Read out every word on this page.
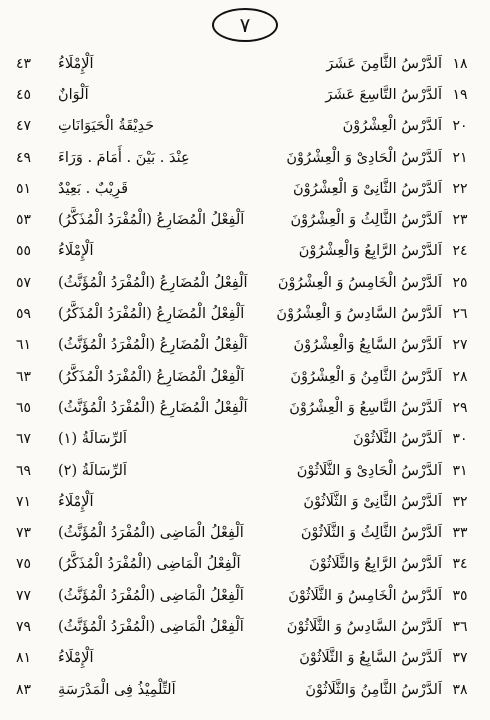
٧
١٨
اَلدَّرْسُ الثَّامِنَ عَشَرَ
اَلْإِمْلَاءُ
٤٣
١٩
اَلدَّرْسُ التَّاسِعَ عَشَرَ
اَلْوَانٌ
٤٥
٢٠
اَلدَّرْسُ الْعِشْرُوْنَ
حَدِيْقَةُ الْحَيَوَانَاتِ
٤٧
٢١
اَلدَّرْسُ الْحَادِیْ وَ الْعِشْرُوْنَ
عِنْدَ . بَيْنَ . أَمَامَ . وَرَاءَ
٤٩
٢٢
اَلدَّرْسُ الثَّانِیْ وَ الْعِشْرُوْنَ
قَرِيْبٌ . بَعِيْدٌ
٥١
٢٣
اَلدَّرْسُ الثَّالِثُ وَ الْعِشْرُوْنَ
اَلْفِعْلُ الْمُضَارِعُ (الْمُفْرَدُ الْمُذَكَّرُ)
٥٣
٢٤
اَلدَّرْسُ الرَّابِعُ وَالْعِشْرُوْنَ
اَلْإِمْلَاءُ
٥٥
٢٥
اَلدَّرْسُ الْخَامِسُ وَ الْعِشْرُوْنَ
اَلْفِعْلُ الْمُضَارِعُ (الْمُفْرَدُ الْمُؤَنَّثُ)
٥٧
٢٦
اَلدَّرْسُ السَّادِسُ وَ الْعِشْرُوْنَ
اَلْفِعْلُ الْمُضَارِعُ (الْمُفْرَدُ الْمُذَكَّرُ)
٥٩
٢٧
اَلدَّرْسُ السَّابِعُ وَالْعِشْرُوْنَ
اَلْفِعْلُ الْمُضَارِعُ (الْمُفْرَدُ الْمُؤَنَّثُ)
٦١
٢٨
اَلدَّرْسُ الثَّامِنُ وَ الْعِشْرُوْنَ
اَلْفِعْلُ الْمُضَارِعُ (الْمُفْرَدُ الْمُذَكَّرُ)
٦٣
٢٩
اَلدَّرْسُ التَّاسِعُ وَ الْعِشْرُوْنَ
اَلْفِعْلُ الْمُضَارِعُ (الْمُفْرَدُ الْمُؤَنَّثُ)
٦٥
٣٠
اَلدَّرْسُ الثَّلَاثُوْنَ
اَلرِّسَالَةُ (١)
٦٧
٣١
اَلدَّرْسُ الْحَادِیْ وَ الثَّلَاثُوْنَ
اَلرِّسَالَةُ (٢)
٦٩
٣٢
اَلدَّرْسُ الثَّانِیْ وَ الثَّلَاثُوْنَ
اَلْإِمْلَاءُ
٧١
٣٣
اَلدَّرْسُ الثَّالِثُ وَ الثَّلَاثُوْنَ
اَلْفِعْلُ الْمَاضِی (الْمُفْرَدُ الْمُؤَنَّثُ)
٧٣
٣٤
اَلدَّرْسُ الرَّابِعُ وَالثَّلَاثُوْنَ
اَلْفِعْلُ الْمَاضِی (الْمُفْرَدُ الْمُذَكَّرُ)
٧٥
٣٥
اَلدَّرْسُ الْخَامِسُ وَ الثَّلَاثُوْنَ
اَلْفِعْلُ الْمَاضِی (الْمُفْرَدُ الْمُؤَنَّثُ)
٧٧
٣٦
اَلدَّرْسُ السَّادِسُ وَ الثَّلَاثُوْنَ
اَلْفِعْلُ الْمَاضِی (الْمُفْرَدُ الْمُؤَنَّثُ)
٧٩
٣٧
اَلدَّرْسُ السَّابِعُ وَ الثَّلَاثُوْنَ
اَلْإِمْلَاءُ
٨١
٣٨
اَلدَّرْسُ الثَّامِنُ وَالثَّلَاثُوْنَ
اَلتِّلْمِيْذُ فِی الْمَدْرَسَةِ
٨٣
